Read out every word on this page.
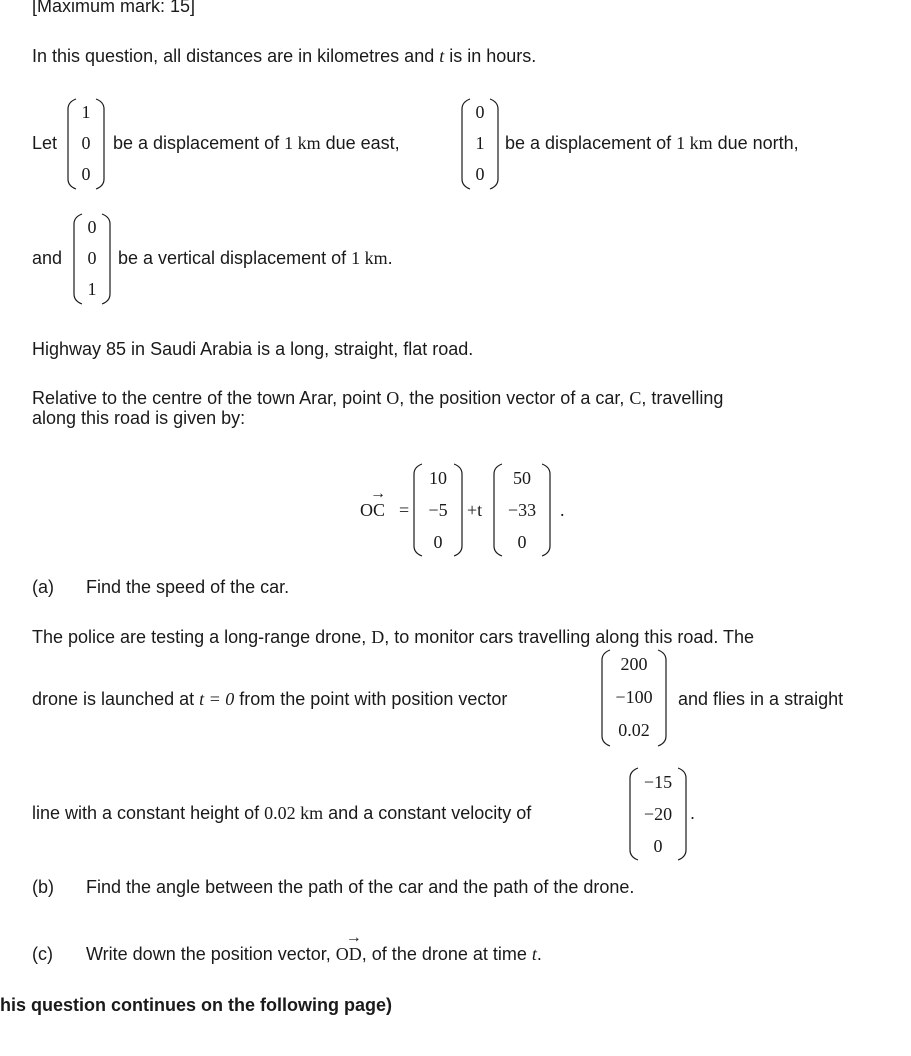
[Maximum mark: 15]
In this question, all distances are in kilometres and t is in hours.
Let
1
0
0
be a displacement of 1 km due east,
0
1
0
be a displacement of 1 km due north,
and
0
0
1
be a vertical displacement of 1 km.
Highway 85 in Saudi Arabia is a long, straight, flat road.
Relative to the centre of the town Arar, point O, the position vector of a car, C, travelling
along this road is given by:
→
OC =
10
−5
0
+t
50
−33
0
.
(a) Find the speed of the car.
The police are testing a long-range drone, D, to monitor cars travelling along this road. The
drone is launched at t = 0 from the point with position vector
200
−100
0.02
and flies in a straight
line with a constant height of 0.02 km and a constant velocity of
−15
−20
0
.
(b) Find the angle between the path of the car and the path of the drone.
(c) Write down the position vector,
→
OD, of the drone at time t.
his question continues on the following page)
